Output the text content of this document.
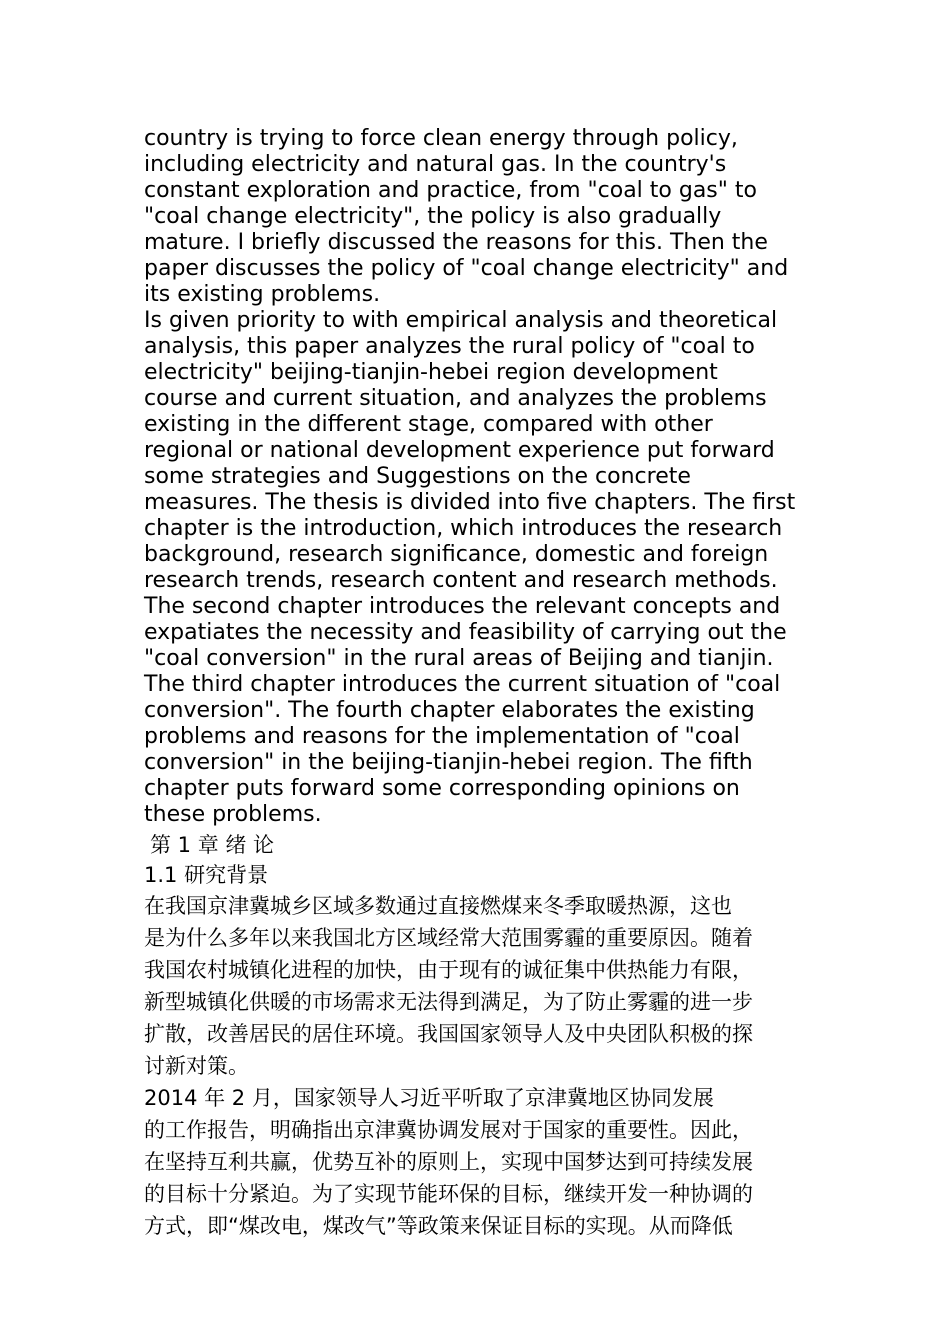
country is trying to force clean energy through policy,
including electricity and natural gas. In the country's
constant exploration and practice, from "coal to gas" to
"coal change electricity", the policy is also gradually
mature. I briefly discussed the reasons for this. Then the
paper discusses the policy of "coal change electricity" and
its existing problems.

Is given priority to with empirical analysis and theoretical
analysis, this paper analyzes the rural policy of "coal to
electricity" beijing-tianjin-hebei region development
course and current situation, and analyzes the problems
existing in the different stage, compared with other
regional or national development experience put forward
some strategies and Suggestions on the concrete
measures. The thesis is divided into five chapters. The first
chapter is the introduction, which introduces the research
background, research significance, domestic and foreign
research trends, research content and research methods.
The second chapter introduces the relevant concepts and
expatiates the necessity and feasibility of carrying out the
"coal conversion" in the rural areas of Beijing and tianjin.
The third chapter introduces the current situation of "coal
conversion". The fourth chapter elaborates the existing
problems and reasons for the implementation of "coal
conversion" in the beijing-tianjin-hebei region. The fifth
chapter puts forward some corresponding opinions on
these problems.

第 1 章 绪 论

1.1 研究背景

在我国京津冀城乡区域多数通过直接燃煤来冬季取暖热源，这也
是为什么多年以来我国北方区域经常大范围雾霾的重要原因。随着
我国农村城镇化进程的加快，由于现有的诚征集中供热能力有限，
新型城镇化供暖的市场需求无法得到满足，为了防止雾霾的进一步
扩散，改善居民的居住环境。我国国家领导人及中央团队积极的探
讨新对策。

2014 年 2 月，国家领导人习近平听取了京津冀地区协同发展
的工作报告，明确指出京津冀协调发展对于国家的重要性。因此，
在坚持互利共赢，优势互补的原则上，实现中国梦达到可持续发展
的目标十分紧迫。为了实现节能环保的目标，继续开发一种协调的
方式，即“煤改电，煤改气”等政策来保证目标的实现。从而降低
